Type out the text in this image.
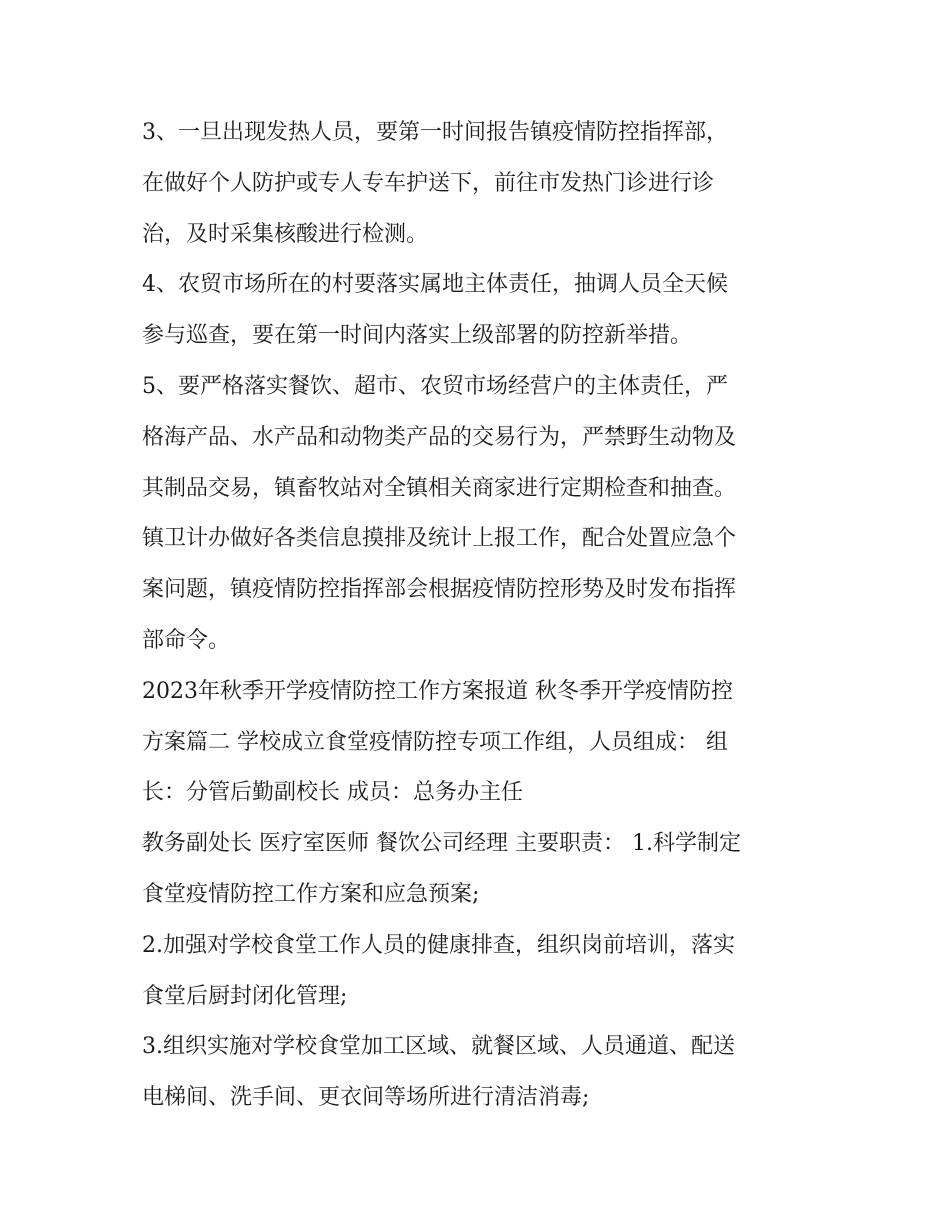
3、一旦出现发热人员，要第一时间报告镇疫情防控指挥部，
在做好个人防护或专人专车护送下，前往市发热门诊进行诊
治，及时采集核酸进行检测。
4、农贸市场所在的村要落实属地主体责任，抽调人员全天候
参与巡查，要在第一时间内落实上级部署的防控新举措。
5、要严格落实餐饮、超市、农贸市场经营户的主体责任，严
格海产品、水产品和动物类产品的交易行为，严禁野生动物及
其制品交易，镇畜牧站对全镇相关商家进行定期检查和抽查。
镇卫计办做好各类信息摸排及统计上报工作，配合处置应急个
案问题，镇疫情防控指挥部会根据疫情防控形势及时发布指挥
部命令。
2023年秋季开学疫情防控工作方案报道 秋冬季开学疫情防控
方案篇二 学校成立食堂疫情防控专项工作组，人员组成： 组
长：分管后勤副校长 成员：总务办主任
教务副处长 医疗室医师 餐饮公司经理 主要职责： 1.科学制定
食堂疫情防控工作方案和应急预案;
2.加强对学校食堂工作人员的健康排查，组织岗前培训，落实
食堂后厨封闭化管理;
3.组织实施对学校食堂加工区域、就餐区域、人员通道、配送
电梯间、洗手间、更衣间等场所进行清洁消毒;
